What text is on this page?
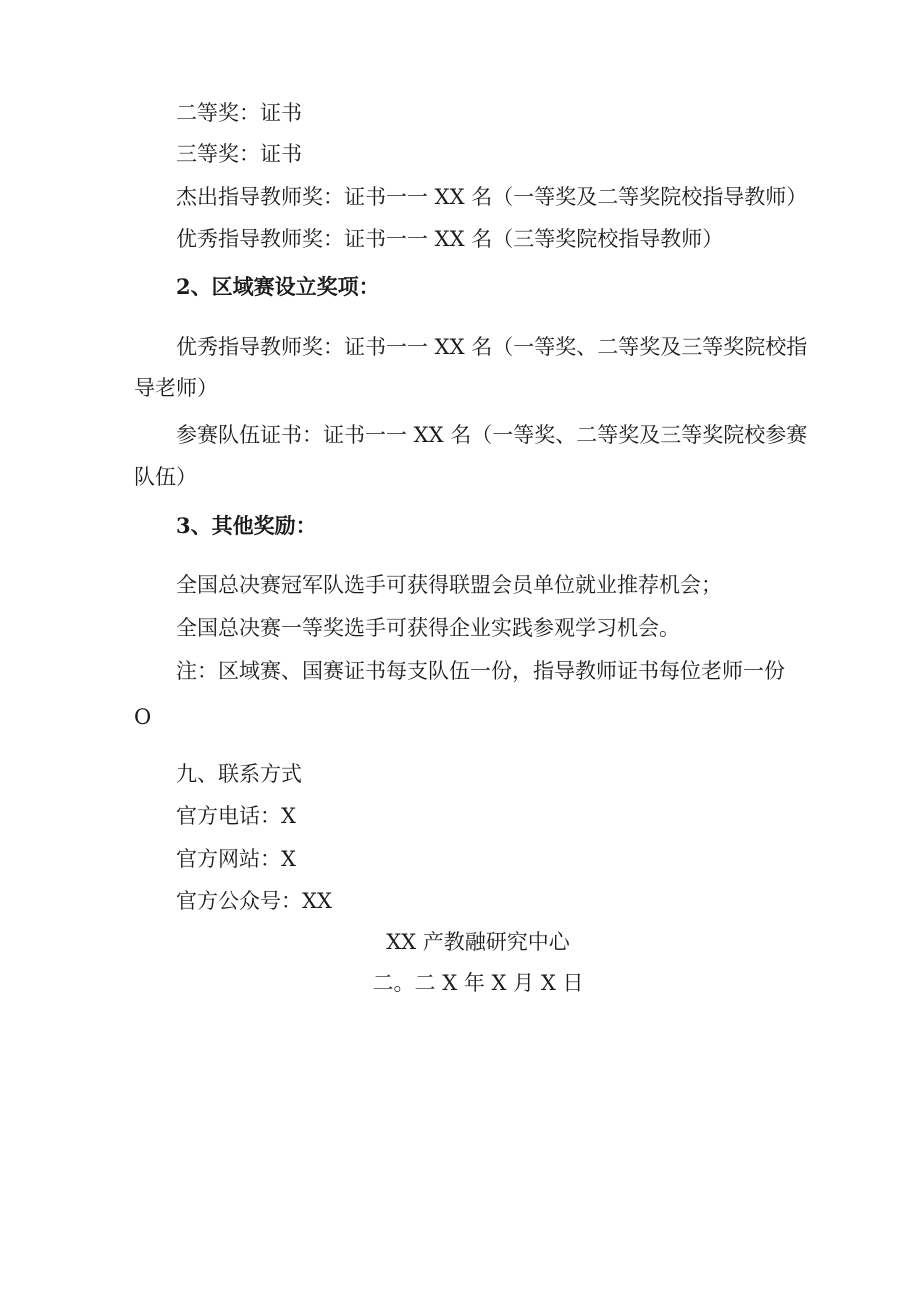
二等奖：证书
三等奖：证书
杰出指导教师奖：证书一一 XX 名（一等奖及二等奖院校指导教师）
优秀指导教师奖：证书一一 XX 名（三等奖院校指导教师）
2、区域赛设立奖项：
优秀指导教师奖：证书一一 XX 名（一等奖、二等奖及三等奖院校指
导老师）
参赛队伍证书：证书一一 XX 名（一等奖、二等奖及三等奖院校参赛
队伍）
3、其他奖励：
全国总决赛冠军队选手可获得联盟会员单位就业推荐机会；
全国总决赛一等奖选手可获得企业实践参观学习机会。
注：区域赛、国赛证书每支队伍一份，指导教师证书每位老师一份
O
九、联系方式
官方电话：X
官方网站：X
官方公众号：XX
XX 产教融研究中心
二。二 X 年 X 月 X 日
